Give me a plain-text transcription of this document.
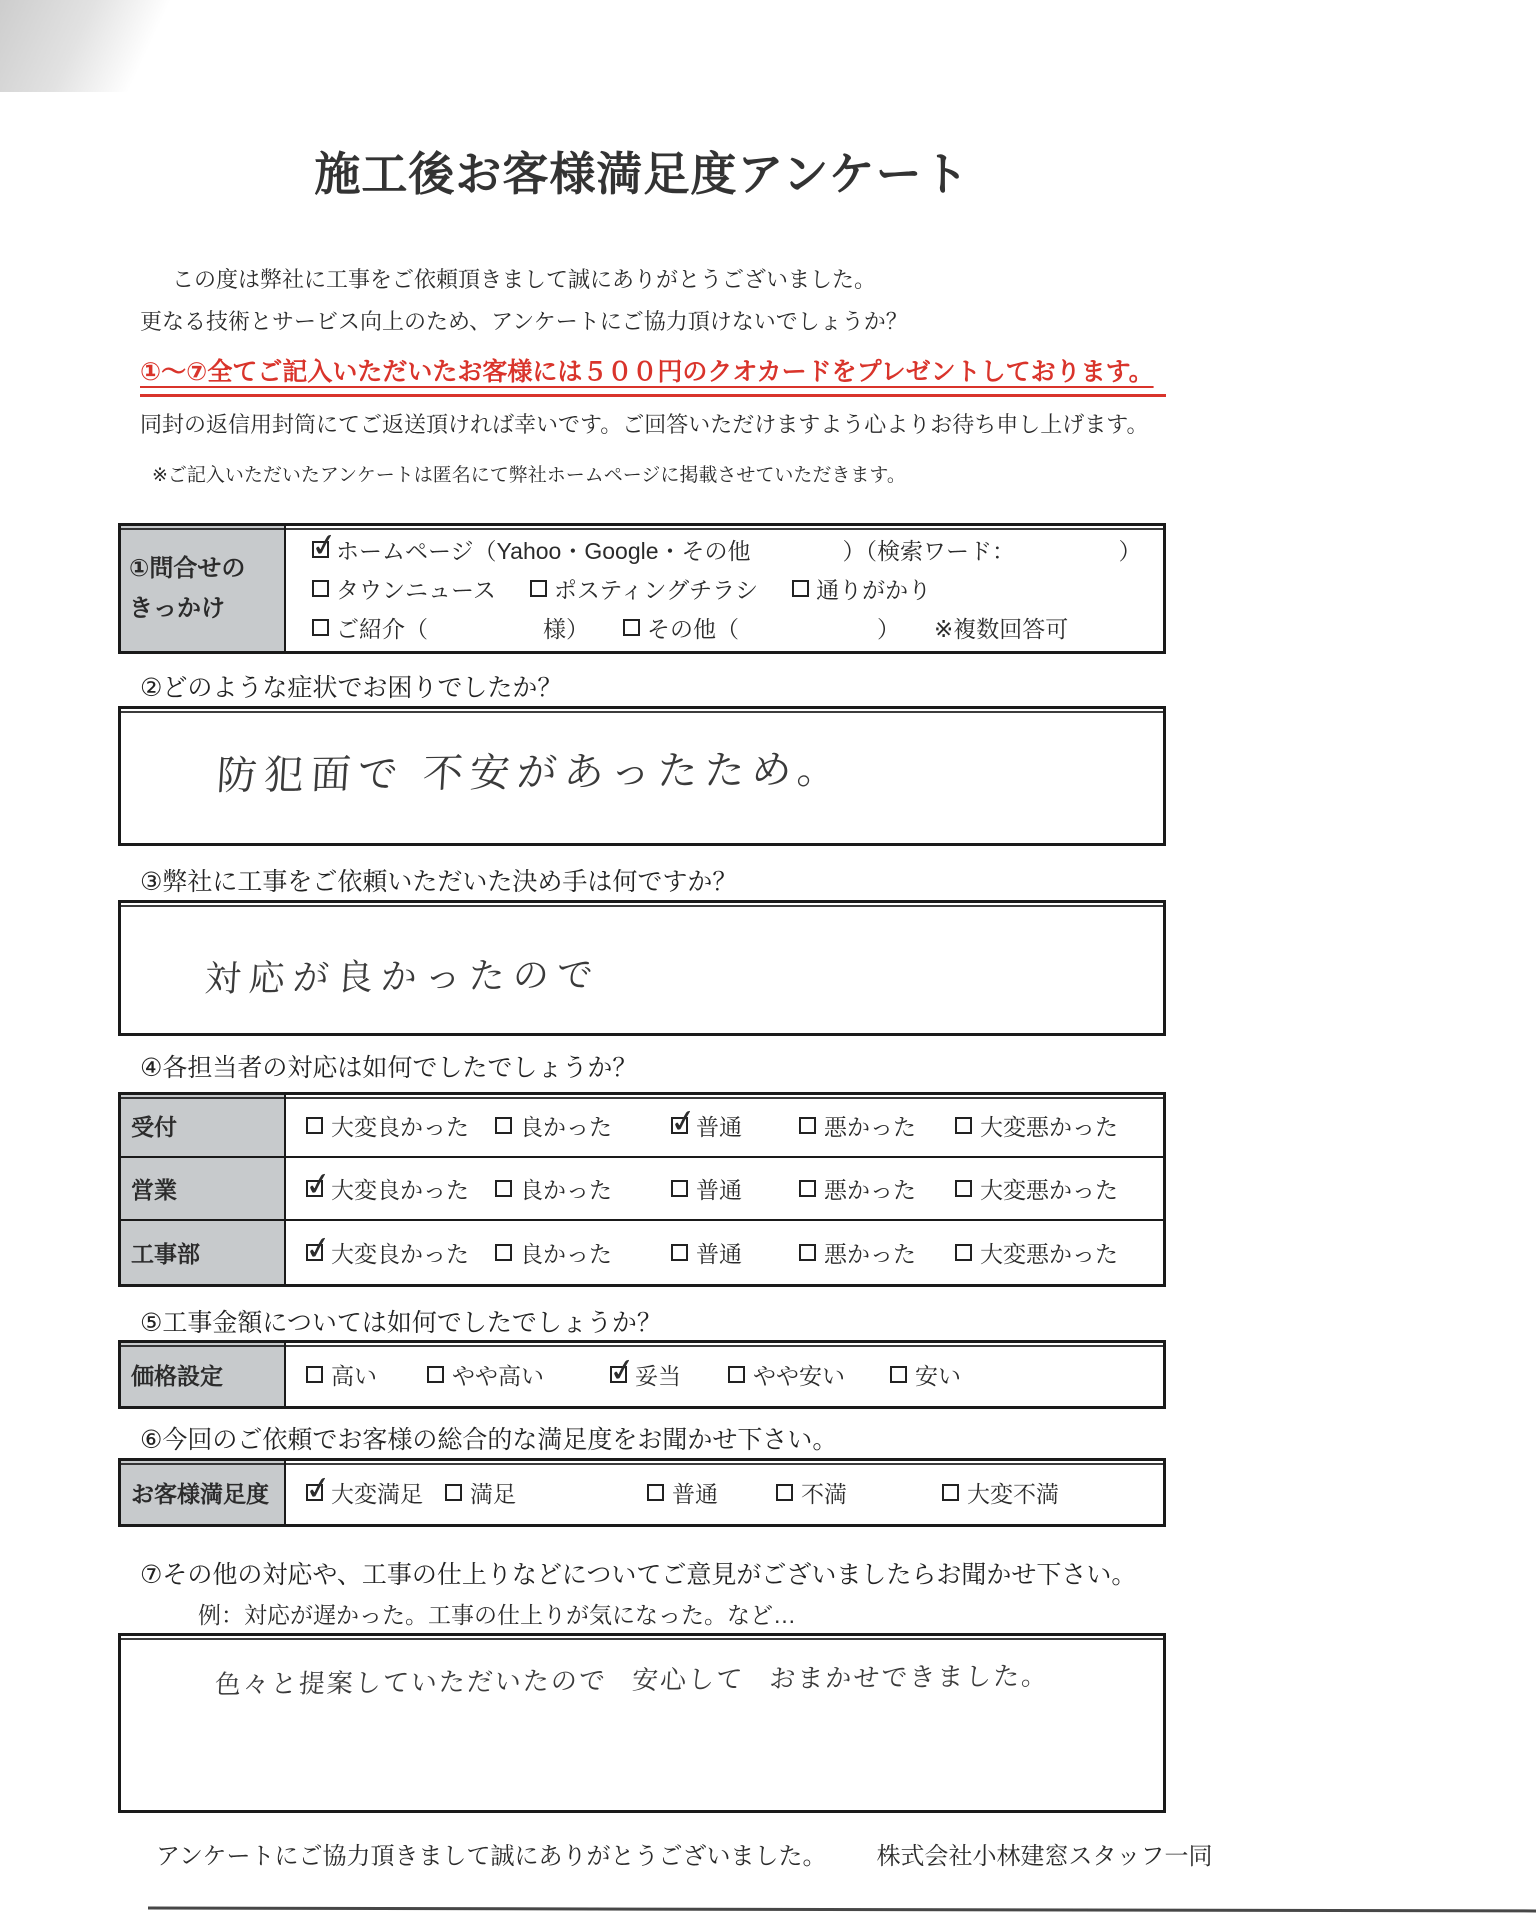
施工後お客様満足度アンケート
この度は弊社に工事をご依頼頂きまして誠にありがとうございました。
更なる技術とサービス向上のため、アンケートにご協力頂けないでしょうか？
①～⑦全てご記入いただいたお客様には５００円のクオカードをプレゼントしております。
同封の返信用封筒にてご返送頂ければ幸いです。ご回答いただけますよう心よりお待ち申し上げます。
※ご記入いただいたアンケートは匿名にて弊社ホームページに掲載させていただきます。
①問合せの
きっかけ
✓
ホームページ（Yahoo・Google・その他　　　　）（検索ワード：　　　　　）
タウンニュース	ポスティングチラシ	通りがかり
ご紹介（　　　　　様）	その他（　　　　　　） ※複数回答可
②どのような症状でお困りでしたか？
防犯面で 不安があったため。
③弊社に工事をご依頼いただいた決め手は何ですか？
対応が良かったので
④各担当者の対応は如何でしたでしょうか？
受付	大変良かった 良かった ✓	普通	悪かった	大変悪かった
営業 ✓	大変良かった 良かった	普通	悪かった	大変悪かった
工事部 ✓	大変良かった 良かった	普通	悪かった	大変悪かった
⑤工事金額については如何でしたでしょうか？
価格設定	高い	やや高い ✓	妥当	やや安い	安い
⑥今回のご依頼でお客様の総合的な満足度をお聞かせ下さい。
お客様満足度 ✓	大変満足 満足	普通	不満	大変不満
⑦その他の対応や、工事の仕上りなどについてご意見がございましたらお聞かせ下さい。
例：対応が遅かった。工事の仕上りが気になった。など…
色々と提案していただいたので 安心して おまかせできました。
アンケートにご協力頂きまして誠にありがとうございました。 株式会社小林建窓スタッフ一同
